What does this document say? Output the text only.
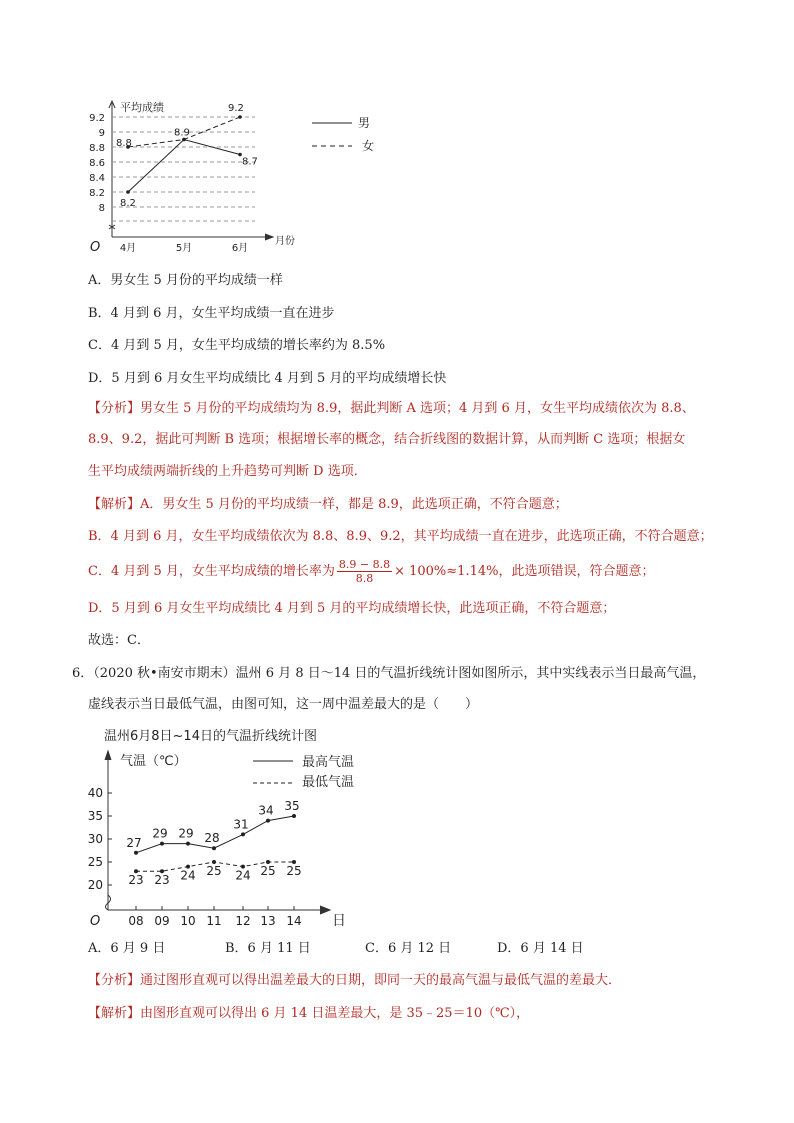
9.2
9
8.8
8.6
8.4
8.2
8
平均成绩
O 4月	5月	6月
月份
8.2
8.8
8.9
9.2
8.7
男
女
A．男女生 5 月份的平均成绩一样
B．4 月到 6 月，女生平均成绩一直在进步
C．4 月到 5 月，女生平均成绩的增长率约为 8.5%
D．5 月到 6 月女生平均成绩比 4 月到 5 月的平均成绩增长快
【分析】男女生 5 月份的平均成绩均为 8.9，据此判断 A 选项；4 月到 6 月，女生平均成绩依次为 8.8、
8.9、9.2，据此可判断 B 选项；根据增长率的概念，结合折线图的数据计算，从而判断 C 选项；根据女
生平均成绩两端折线的上升趋势可判断 D 选项．
【解析】A．男女生 5 月份的平均成绩一样，都是 8.9，此选项正确，不符合题意；
B．4 月到 6 月，女生平均成绩依次为 8.8、8.9、9.2，其平均成绩一直在进步，此选项正确，不符合题意；
C．4 月到 5 月，女生平均成绩的增长率为 $\frac{8.9 - 8.8}{8.8} \times 100\%\approx 1.14\%$，此选项错误，符合题意；
D．5 月到 6 月女生平均成绩比 4 月到 5 月的平均成绩增长快，此选项正确，不符合题意；
故选：C．
6．（2020 秋•南安市期末）温州 6 月 8 日～14 日的气温折线统计图如图所示，其中实线表示当日最高气温，
虚线表示当日最低气温，由图可知，这一周中温差最大的是（　　）
温州6月8日~14日的气温折线统计图
40
35
30
25
20
气温（℃）
O 08 09 10 11 12 13 14 日
27
29 29 28
31
34 35
23 23 24 25 24 25 25
最高气温
最低气温
A．6 月 9 日	B．6 月 11 日	C．6 月 12 日	D．6 月 14 日
【分析】通过图形直观可以得出温差最大的日期，即同一天的最高气温与最低气温的差最大．
【解析】由图形直观可以得出 6 月 14 日温差最大，是 35﹣25＝10（℃），
